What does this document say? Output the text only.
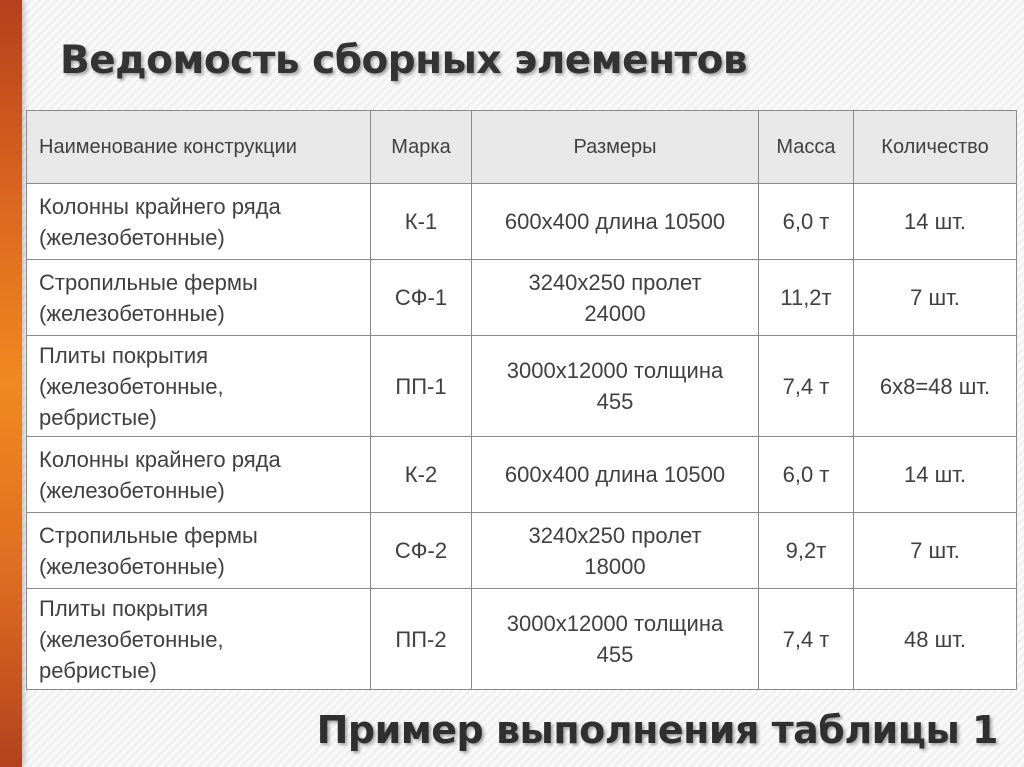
Ведомость сборных элементов
Наименование конструкции	Марка	Размеры	Масса	Количество
Колонны крайнего ряда (железобетонные)	К-1	600х400 длина 10500	6,0 т	14 шт.
Стропильные фермы (железобетонные)	СФ-1	3240х250 пролет 24000	11,2т	7 шт.
Плиты покрытия (железобетонные, ребристые)	ПП-1	3000х12000 толщина 455	7,4 т	6х8=48 шт.
Колонны крайнего ряда (железобетонные)	К-2	600х400 длина 10500	6,0 т	14 шт.
Стропильные фермы (железобетонные)	СФ-2	3240х250 пролет 18000	9,2т	7 шт.
Плиты покрытия (железобетонные, ребристые)	ПП-2	3000х12000 толщина 455	7,4 т	48 шт.
Пример выполнения таблицы 1
